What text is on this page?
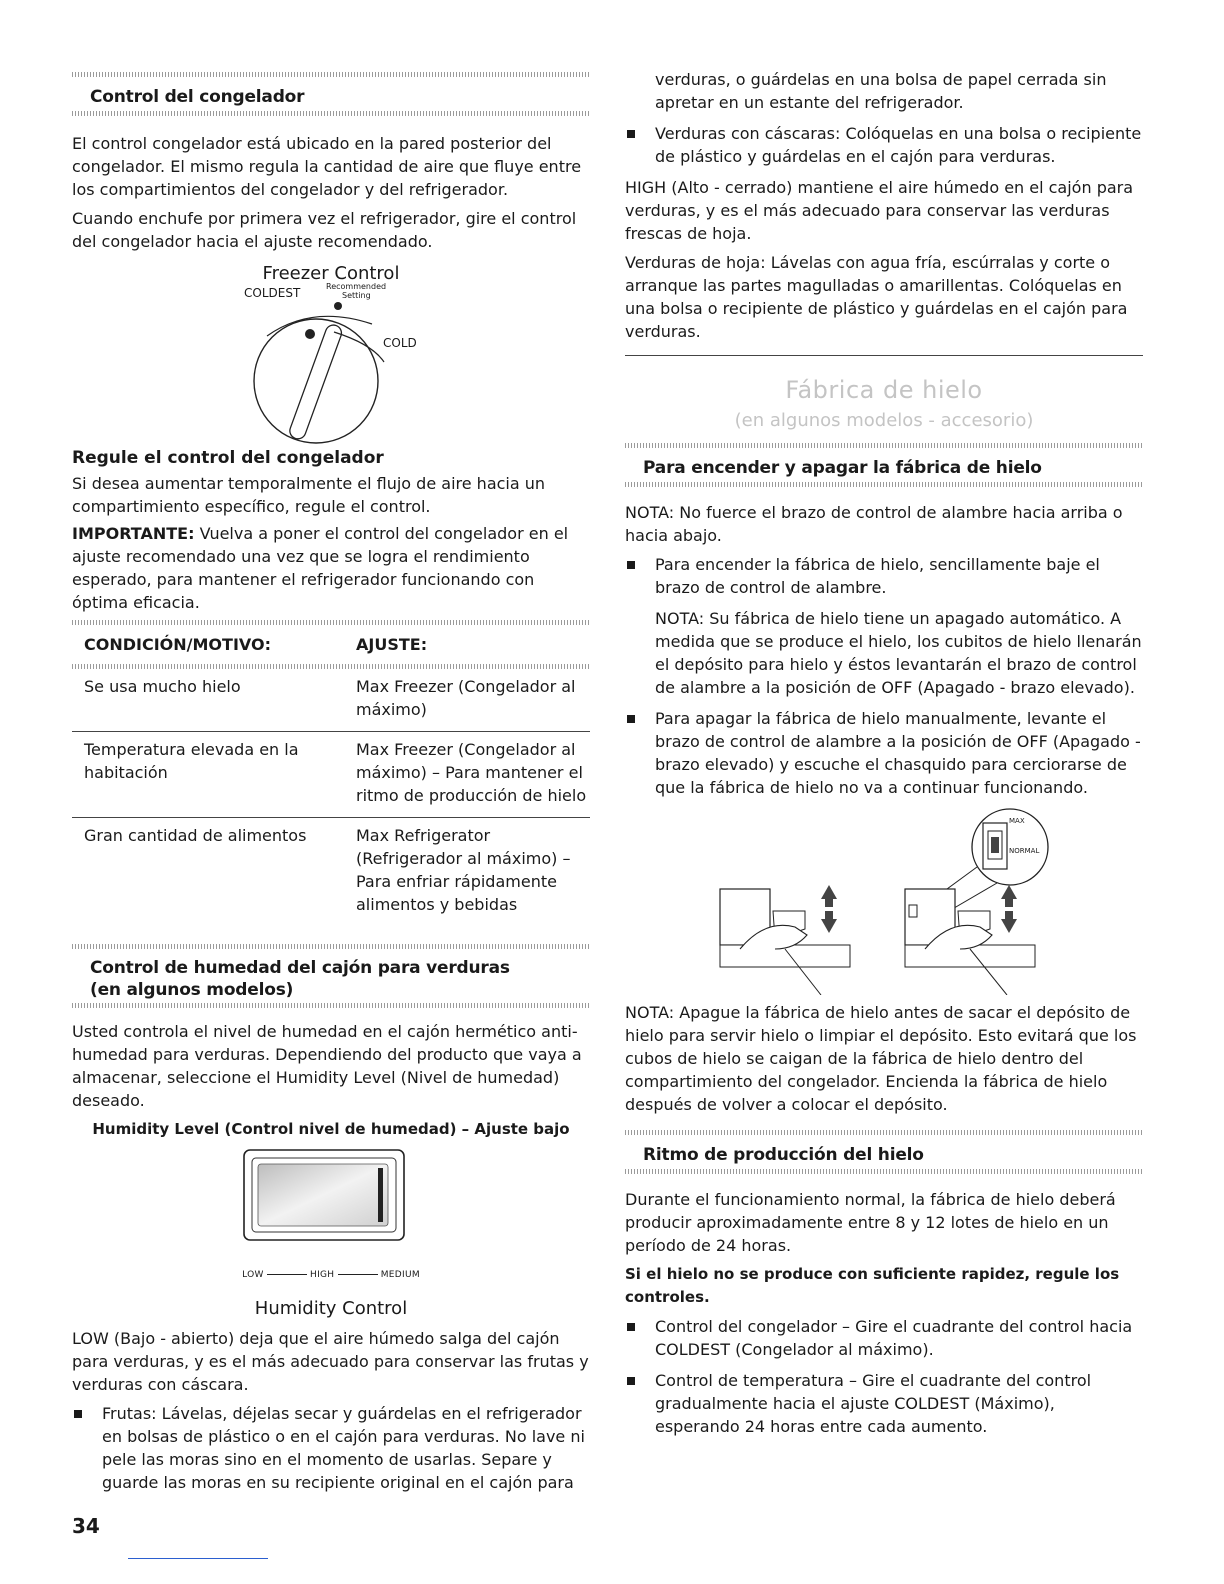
Control del congelador

El control congelador está ubicado en la pared posterior del congelador. El mismo regula la cantidad de aire que fluye entre los compartimientos del congelador y del refrigerador.

Cuando enchufe por primera vez el refrigerador, gire el control del congelador hacia el ajuste recomendado.

Freezer Control
COLDEST	Recommended
Setting
COLD
Regule el control del congelador

Si desea aumentar temporalmente el flujo de aire hacia un compartimiento específico, regule el control.

IMPORTANTE: Vuelva a poner el control del congelador en el ajuste recomendado una vez que se logra el rendimiento esperado, para mantener el refrigerador funcionando con óptima eficacia.

CONDICIÓN/MOTIVO:	AJUSTE:

Se usa mucho hielo	Max Freezer (Congelador al máximo)
Temperatura elevada en la habitación	Max Freezer (Congelador al máximo) – Para mantener el ritmo de producción de hielo
Gran cantidad de alimentos	Max Refrigerator (Refrigerador al máximo) – Para enfriar rápidamente alimentos y bebidas
Control de humedad del cajón para verduras
(en algunos modelos)

Usted controla el nivel de humedad en el cajón hermético anti-humedad para verduras. Dependiendo del producto que vaya a almacenar, seleccione el Humidity Level (Nivel de humedad) deseado.

Humidity Level (Control nivel de humedad) – Ajuste bajo
LOW	HIGH	MEDIUM
Humidity Control

LOW (Bajo - abierto) deja que el aire húmedo salga del cajón para verduras, y es el más adecuado para conservar las frutas y verduras con cáscara.

Frutas: Lávelas, déjelas secar y guárdelas en el refrigerador en bolsas de plástico o en el cajón para verduras. No lave ni pele las moras sino en el momento de usarlas. Separe y guarde las moras en su recipiente original en el cajón para

verduras, o guárdelas en una bolsa de papel cerrada sin apretar en un estante del refrigerador.

Verduras con cáscaras: Colóquelas en una bolsa o recipiente de plástico y guárdelas en el cajón para verduras.

HIGH (Alto - cerrado) mantiene el aire húmedo en el cajón para verduras, y es el más adecuado para conservar las verduras frescas de hoja.

Verduras de hoja: Lávelas con agua fría, escúrralas y corte o arranque las partes magulladas o amarillentas. Colóquelas en una bolsa o recipiente de plástico y guárdelas en el cajón para verduras.

Fábrica de hielo
(en algunos modelos - accesorio)
Para encender y apagar la fábrica de hielo

NOTA: No fuerce el brazo de control de alambre hacia arriba o hacia abajo.

Para encender la fábrica de hielo, sencillamente baje el brazo de control de alambre.

NOTA: Su fábrica de hielo tiene un apagado automático. A medida que se produce el hielo, los cubitos de hielo llenarán el depósito para hielo y éstos levantarán el brazo de control de alambre a la posición de OFF (Apagado - brazo elevado).

Para apagar la fábrica de hielo manualmente, levante el brazo de control de alambre a la posición de OFF (Apagado - brazo elevado) y escuche el chasquido para cerciorarse de que la fábrica de hielo no va a continuar funcionando.
MAX
NORMAL

NOTA: Apague la fábrica de hielo antes de sacar el depósito de hielo para servir hielo o limpiar el depósito. Esto evitará que los cubos de hielo se caigan de la fábrica de hielo dentro del compartimiento del congelador. Encienda la fábrica de hielo después de volver a colocar el depósito.

Ritmo de producción del hielo

Durante el funcionamiento normal, la fábrica de hielo deberá producir aproximadamente entre 8 y 12 lotes de hielo en un período de 24 horas.

Si el hielo no se produce con suficiente rapidez, regule los controles.

Control del congelador – Gire el cuadrante del control hacia COLDEST (Congelador al máximo).
Control de temperatura – Gire el cuadrante del control gradualmente hacia el ajuste COLDEST (Máximo), esperando 24 horas entre cada aumento.
34
